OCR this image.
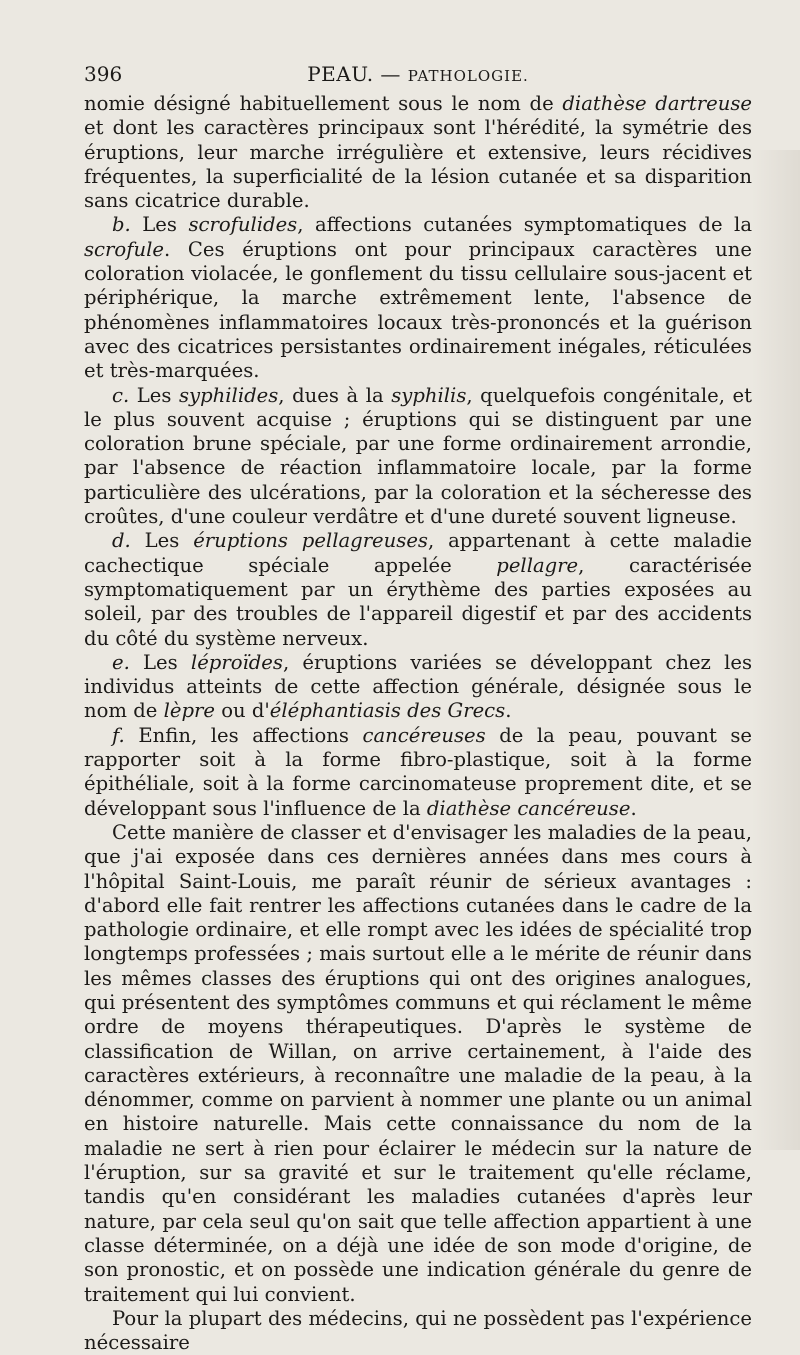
396	PEAU. — PATHOLOGIE.

nomie désigné habituellement sous le nom de diathèse dartreuse et dont les caractères principaux sont l'hérédité, la symétrie des éruptions, leur marche irrégulière et extensive, leurs récidives fréquentes, la superficialité de la lésion cutanée et sa disparition sans cicatrice durable.

b. Les scrofulides, affections cutanées symptomatiques de la scrofule. Ces éruptions ont pour principaux caractères une coloration violacée, le gonflement du tissu cellulaire sous-jacent et périphérique, la marche extrêmement lente, l'absence de phénomènes inflammatoires locaux très-prononcés et la guérison avec des cicatrices persistantes ordinairement inégales, réticulées et très-marquées.

c. Les syphilides, dues à la syphilis, quelquefois congénitale, et le plus souvent acquise ; éruptions qui se distinguent par une coloration brune spéciale, par une forme ordinairement arrondie, par l'absence de réaction inflammatoire locale, par la forme particulière des ulcérations, par la coloration et la sécheresse des croûtes, d'une couleur verdâtre et d'une dureté souvent ligneuse.

d. Les éruptions pellagreuses, appartenant à cette maladie cachectique spéciale appelée pellagre, caractérisée symptomatiquement par un érythème des parties exposées au soleil, par des troubles de l'appareil digestif et par des accidents du côté du système nerveux.

e. Les léproïdes, éruptions variées se développant chez les individus atteints de cette affection générale, désignée sous le nom de lèpre ou d'éléphantiasis des Grecs.

f. Enfin, les affections cancéreuses de la peau, pouvant se rapporter soit à la forme fibro-plastique, soit à la forme épithéliale, soit à la forme carcinomateuse proprement dite, et se développant sous l'influence de la diathèse cancéreuse.

Cette manière de classer et d'envisager les maladies de la peau, que j'ai exposée dans ces dernières années dans mes cours à l'hôpital Saint-Louis, me paraît réunir de sérieux avantages : d'abord elle fait rentrer les affections cutanées dans le cadre de la pathologie ordinaire, et elle rompt avec les idées de spécialité trop longtemps professées ; mais surtout elle a le mérite de réunir dans les mêmes classes des éruptions qui ont des origines analogues, qui présentent des symptômes communs et qui réclament le même ordre de moyens thérapeutiques. D'après le système de classification de Willan, on arrive certainement, à l'aide des caractères extérieurs, à reconnaître une maladie de la peau, à la dénommer, comme on parvient à nommer une plante ou un animal en histoire naturelle. Mais cette connaissance du nom de la maladie ne sert à rien pour éclairer le médecin sur la nature de l'éruption, sur sa gravité et sur le traitement qu'elle réclame, tandis qu'en considérant les maladies cutanées d'après leur nature, par cela seul qu'on sait que telle affection appartient à une classe déterminée, on a déjà une idée de son mode d'origine, de son pronostic, et on possède une indication générale du genre de traitement qui lui convient.

Pour la plupart des médecins, qui ne possèdent pas l'expérience nécessaire
